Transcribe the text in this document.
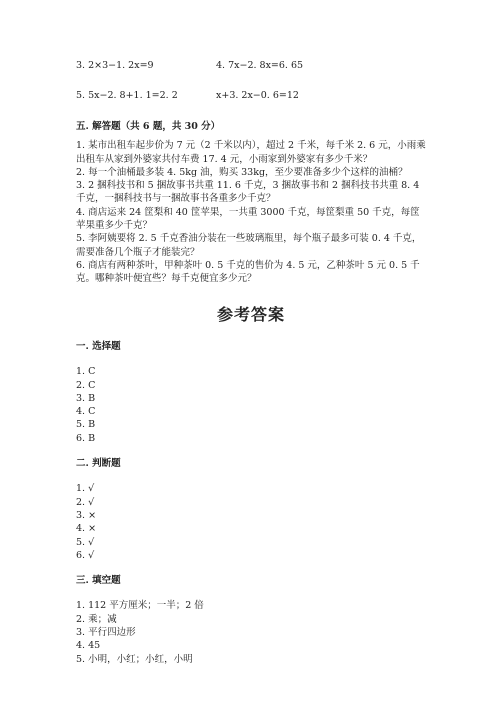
3. 2×3−1. 2x=9	4. 7x−2. 8x=6. 65
5. 5x−2. 8+1. 1=2. 2	x+3. 2x−0. 6=12
五. 解答题（共 6 题，共 30 分）

1. 某市出租车起步价为 7 元（2 千米以内），超过 2 千米，每千米 2. 6 元，小雨乘出租车从家到外婆家共付车费 17. 4 元，小雨家到外婆家有多少千米？

2. 每一个油桶最多装 4. 5kg 油，购买 33kg，至少要准备多少个这样的油桶？

3. 2 捆科技书和 5 捆故事书共重 11. 6 千克，3 捆故事书和 2 捆科技书共重 8. 4 千克，一捆科技书与一捆故事书各重多少千克？

4. 商店运来 24 筐梨和 40 筐苹果，一共重 3000 千克，每筐梨重 50 千克，每筐苹果重多少千克？

5. 李阿姨要将 2. 5 千克香油分装在一些玻璃瓶里，每个瓶子最多可装 0. 4 千克，需要准备几个瓶子才能装完？

6. 商店有两种茶叶，甲种茶叶 0. 5 千克的售价为 4. 5 元，乙种茶叶 5 元 0. 5 千克。哪种茶叶便宜些？每千克便宜多少元？

参考答案
一. 选择题
1. C
2. C
3. B
4. C
5. B
6. B
二. 判断题
1. √
2. √
3. ×
4. ×
5. √
6. √
三. 填空题
1. 112 平方厘米；一半；2 倍
2. 乘；减
3. 平行四边形
4. 45
5. 小明，小红；小红，小明
